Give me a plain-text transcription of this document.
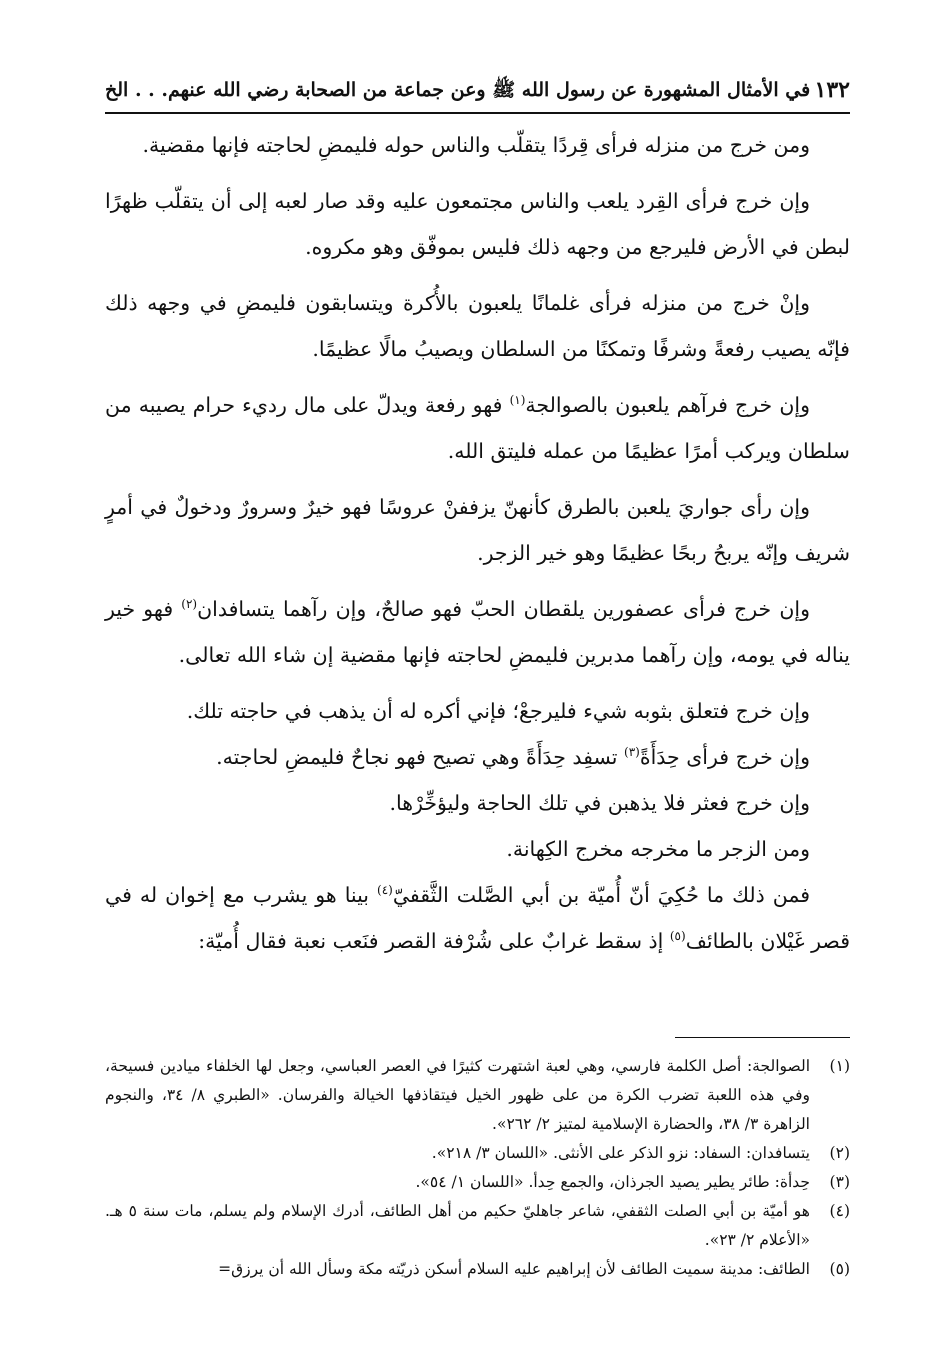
١٣٢
في الأمثال المشهورة عن رسول الله ﷺ وعن جماعة من الصحابة رضي الله عنهم. . . الخ

ومن خرج من منزله فرأى قِردًا يتقلّب والناس حوله فليمضِ لحاجته فإنها مقضية.

وإن خرج فرأى القِرد يلعب والناس مجتمعون عليه وقد صار لعبه إلى أن يتقلّب ظهرًا لبطن في الأرض فليرجع من وجهه ذلك فليس بموفّق وهو مكروه.

وإنْ خرج من منزله فرأى غلمانًا يلعبون بالأُكرة ويتسابقون فليمضِ في وجهه ذلك فإنّه يصيب رفعةً وشرفًا وتمكنًا من السلطان ويصيبُ مالًا عظيمًا.

وإن خرج فرآهم يلعبون بالصوالجة$^{(١)}$ فهو رفعة ويدلّ على مال رديء حرام يصيبه من سلطان ويركب أمرًا عظيمًا من عمله فليتق الله.

وإن رأى جواريَ يلعبن بالطرق كأنهنّ يزففنْ عروسًا فهو خيرٌ وسرورٌ ودخولٌ في أمرٍ شريف وإنّه يربحُ ربحًا عظيمًا وهو خير الزجر.

وإن خرج فرأى عصفورين يلقطان الحبّ فهو صالحٌ، وإن رآهما يتسافدان$^{(٢)}$ فهو خير يناله في يومه، وإن رآهما مدبرين فليمضِ لحاجته فإنها مقضية إن شاء الله تعالى.

وإن خرج فتعلق بثوبه شيء فليرجعْ؛ فإني أكره له أن يذهب في حاجته تلك.

وإن خرج فرأى حِدَأَةً$^{(٣)}$ تسفِد حِدَأَةً وهي تصيح فهو نجاحٌ فليمضِ لحاجته.

وإن خرج فعثر فلا يذهبن في تلك الحاجة وليؤخِّرْها.

ومن الزجر ما مخرجه مخرج الكِهانة.

فمن ذلك ما حُكِيَ أنّ أُميّة بن أبي الصَّلت الثَّقفيّ$^{(٤)}$ بينا هو يشرب مع إخوان له في قصر غَيْلان بالطائف$^{(٥)}$ إذ سقط غرابٌ على شُرْفة القصر فنَعب نعبة فقال أُميّة:

(١)
الصوالجة: أصل الكلمة فارسي، وهي لعبة اشتهرت كثيرًا في العصر العباسي، وجعل لها الخلفاء ميادين فسيحة، وفي هذه اللعبة تضرب الكرة من على ظهور الخيل فيتقاذفها الخيالة والفرسان. «الطبري ٨/ ٣٤، والنجوم الزاهرة ٣/ ٣٨، والحضارة الإسلامية لمتيز ٢/ ٢٦٢».
(٢)
يتسافدان: السفاد: نزو الذكر على الأنثى. «اللسان ٣/ ٢١٨».
(٣)
حِدأة: طائر يطير يصيد الجرذان، والجمع حِدأ. «اللسان ١/ ٥٤».
(٤)
هو أميّة بن أبي الصلت الثقفي، شاعر جاهليّ حكيم من أهل الطائف، أدرك الإسلام ولم يسلم، مات سنة ٥ هـ. «الأعلام ٢/ ٢٣».
(٥)
الطائف: مدينة سميت الطائف لأن إبراهيم عليه السلام أسكن ذريّته مكة وسأل الله أن يرزق=
